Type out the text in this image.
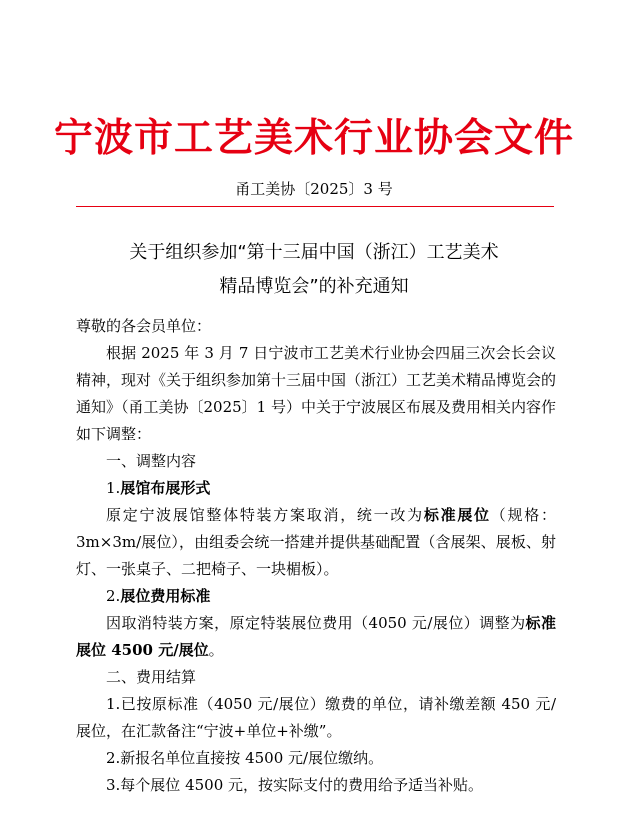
宁波市工艺美术行业协会文件
甬工美协〔2025〕3 号
关于组织参加“第十三届中国（浙江）工艺美术
精品博览会”的补充通知

尊敬的各会员单位：

根据 2025 年 3 月 7 日宁波市工艺美术行业协会四届三次会长会议精神，现对《关于组织参加第十三届中国（浙江）工艺美术精品博览会的通知》（甬工美协〔2025〕1 号）中关于宁波展区布展及费用相关内容作如下调整：

一、调整内容

1.展馆布展形式

原定宁波展馆整体特装方案取消，统一改为标准展位（规格：3m×3m/展位），由组委会统一搭建并提供基础配置（含展架、展板、射灯、一张桌子、二把椅子、一块楣板）。

2.展位费用标准

因取消特装方案，原定特装展位费用（4050 元/展位）调整为标准展位 4500 元/展位。

二、费用结算

1.已按原标准（4050 元/展位）缴费的单位，请补缴差额 450 元/展位，在汇款备注“宁波+单位+补缴”。

2.新报名单位直接按 4500 元/展位缴纳。

3.每个展位 4500 元，按实际支付的费用给予适当补贴。
